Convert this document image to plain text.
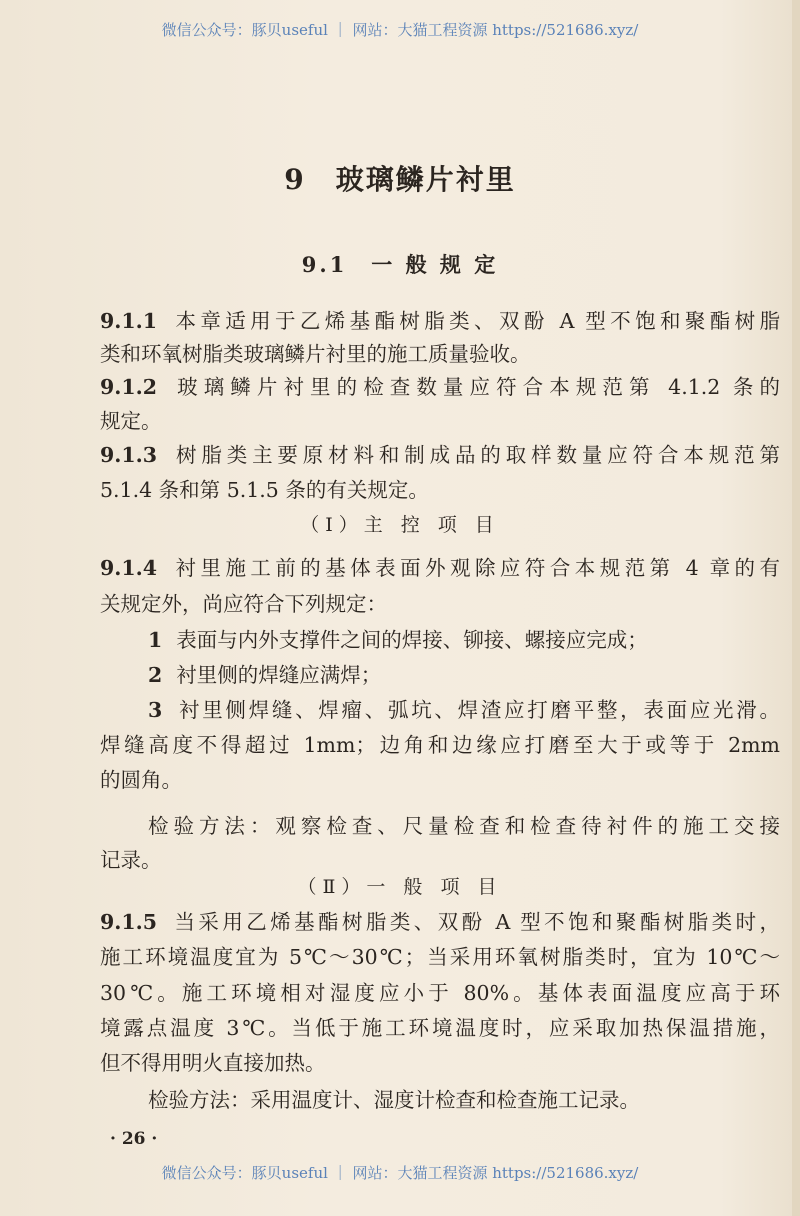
微信公众号：豚贝useful ｜ 网站：大猫工程资源 https://521686.xyz/
9　玻璃鳞片衬里
9.1　一 般 规 定
9.1.1 本章适用于乙烯基酯树脂类、双酚 A 型不饱和聚酯树脂
类和环氧树脂类玻璃鳞片衬里的施工质量验收。
9.1.2 玻璃鳞片衬里的检查数量应符合本规范第 4.1.2 条的
规定。
9.1.3 树脂类主要原材料和制成品的取样数量应符合本规范第
5.1.4 条和第 5.1.5 条的有关规定。
（Ⅰ）主 控 项 目
9.1.4 衬里施工前的基体表面外观除应符合本规范第 4 章的有
关规定外，尚应符合下列规定：
1 表面与内外支撑件之间的焊接、铆接、螺接应完成；
2 衬里侧的焊缝应满焊；
3 衬里侧焊缝、焊瘤、弧坑、焊渣应打磨平整，表面应光滑。
焊缝高度不得超过 1mm；边角和边缘应打磨至大于或等于 2mm
的圆角。
检验方法：观察检查、尺量检查和检查待衬件的施工交接
记录。
（Ⅱ）一 般 项 目
9.1.5 当采用乙烯基酯树脂类、双酚 A 型不饱和聚酯树脂类时，
施工环境温度宜为 5℃～30℃；当采用环氧树脂类时，宜为 10℃～
30℃。施工环境相对湿度应小于 80%。基体表面温度应高于环
境露点温度 3℃。当低于施工环境温度时，应采取加热保温措施，
但不得用明火直接加热。
检验方法：采用温度计、湿度计检查和检查施工记录。
· 26 ·
微信公众号：豚贝useful ｜ 网站：大猫工程资源 https://521686.xyz/
